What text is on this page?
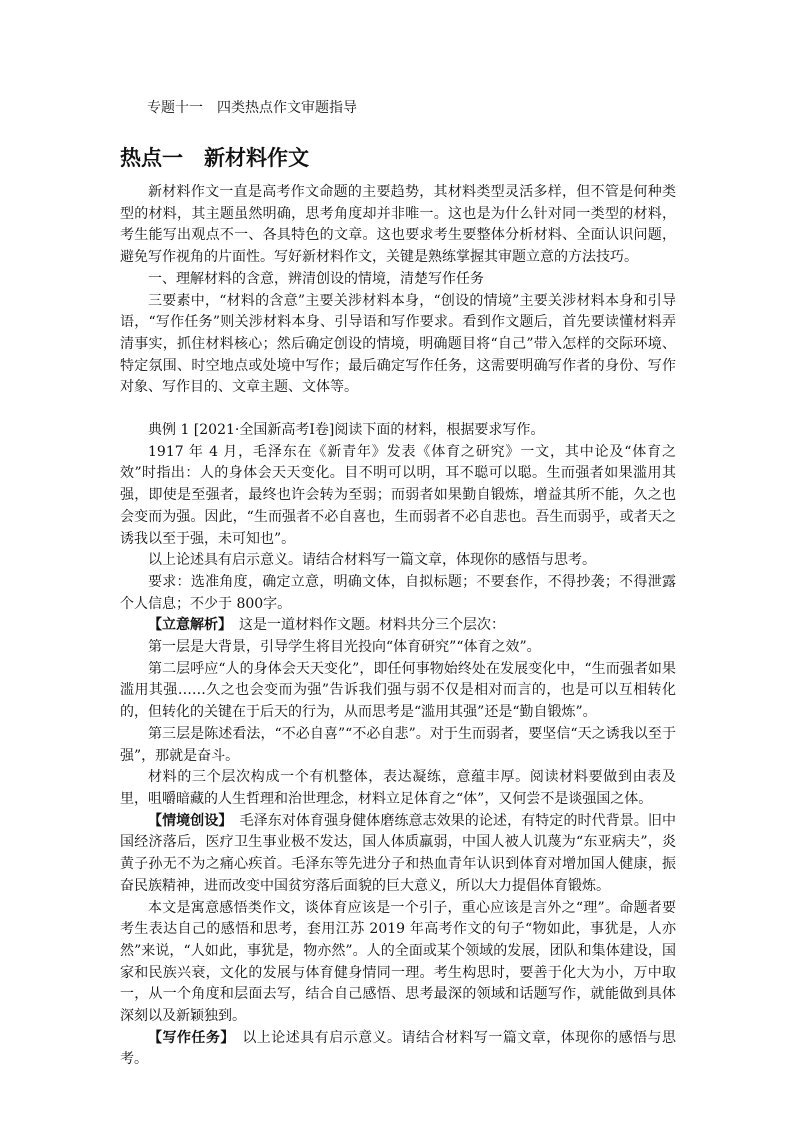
专题十一　四类热点作文审题指导
热点一　新材料作文

新材料作文一直是高考作文命题的主要趋势，其材料类型灵活多样，但不管是何种类型的材料，其主题虽然明确，思考角度却并非唯一。这也是为什么针对同一类型的材料，考生能写出观点不一、各具特色的文章。这也要求考生要整体分析材料、全面认识问题，避免写作视角的片面性。写好新材料作文，关键是熟练掌握其审题立意的方法技巧。

一、理解材料的含意，辨清创设的情境，清楚写作任务

三要素中，“材料的含意”主要关涉材料本身，“创设的情境”主要关涉材料本身和引导语，“写作任务”则关涉材料本身、引导语和写作要求。看到作文题后，首先要读懂材料弄清事实，抓住材料核心；然后确定创设的情境，明确题目将“自己”带入怎样的交际环境、特定氛围、时空地点或处境中写作；最后确定写作任务，这需要明确写作者的身份、写作对象、写作目的、文章主题、文体等。

典例 1 [2021·全国新高考Ⅰ卷]阅读下面的材料，根据要求写作。

1917 年 4 月，毛泽东在《新青年》发表《体育之研究》一文，其中论及“体育之效”时指出：人的身体会天天变化。目不明可以明，耳不聪可以聪。生而强者如果滥用其强，即使是至强者，最终也许会转为至弱；而弱者如果勤自锻炼，增益其所不能，久之也会变而为强。因此，“生而强者不必自喜也，生而弱者不必自悲也。吾生而弱乎，或者天之诱我以至于强，未可知也”。

以上论述具有启示意义。请结合材料写一篇文章，体现你的感悟与思考。

要求：选准角度，确定立意，明确文体，自拟标题；不要套作，不得抄袭；不得泄露个人信息；不少于 800字。

【立意解析】　这是一道材料作文题。材料共分三个层次：

第一层是大背景，引导学生将目光投向“体育研究”“体育之效”。

第二层呼应“人的身体会天天变化”，即任何事物始终处在发展变化中，“生而强者如果滥用其强……久之也会变而为强”告诉我们强与弱不仅是相对而言的，也是可以互相转化的，但转化的关键在于后天的行为，从而思考是“滥用其强”还是“勤自锻炼”。

第三层是陈述看法，“不必自喜”“不必自悲”。对于生而弱者，要坚信“天之诱我以至于强”，那就是奋斗。

材料的三个层次构成一个有机整体，表达凝练，意蕴丰厚。阅读材料要做到由表及里，咀嚼暗藏的人生哲理和治世理念，材料立足体育之“体”，又何尝不是谈强国之体。

【情境创设】　毛泽东对体育强身健体磨练意志效果的论述，有特定的时代背景。旧中国经济落后，医疗卫生事业极不发达，国人体质羸弱，中国人被人讥蔑为“东亚病夫”，炎黄子孙无不为之痛心疾首。毛泽东等先进分子和热血青年认识到体育对增加国人健康，振奋民族精神，进而改变中国贫穷落后面貌的巨大意义，所以大力提倡体育锻炼。

本文是寓意感悟类作文，谈体育应该是一个引子，重心应该是言外之“理”。命题者要考生表达自己的感悟和思考，套用江苏 2019 年高考作文的句子“物如此，事犹是，人亦然”来说，“人如此，事犹是，物亦然”。人的全面或某个领域的发展，团队和集体建设，国家和民族兴衰，文化的发展与体育健身情同一理。考生构思时，要善于化大为小，万中取一，从一个角度和层面去写，结合自己感悟、思考最深的领域和话题写作，就能做到具体深刻以及新颖独到。

【写作任务】　以上论述具有启示意义。请结合材料写一篇文章，体现你的感悟与思考。
